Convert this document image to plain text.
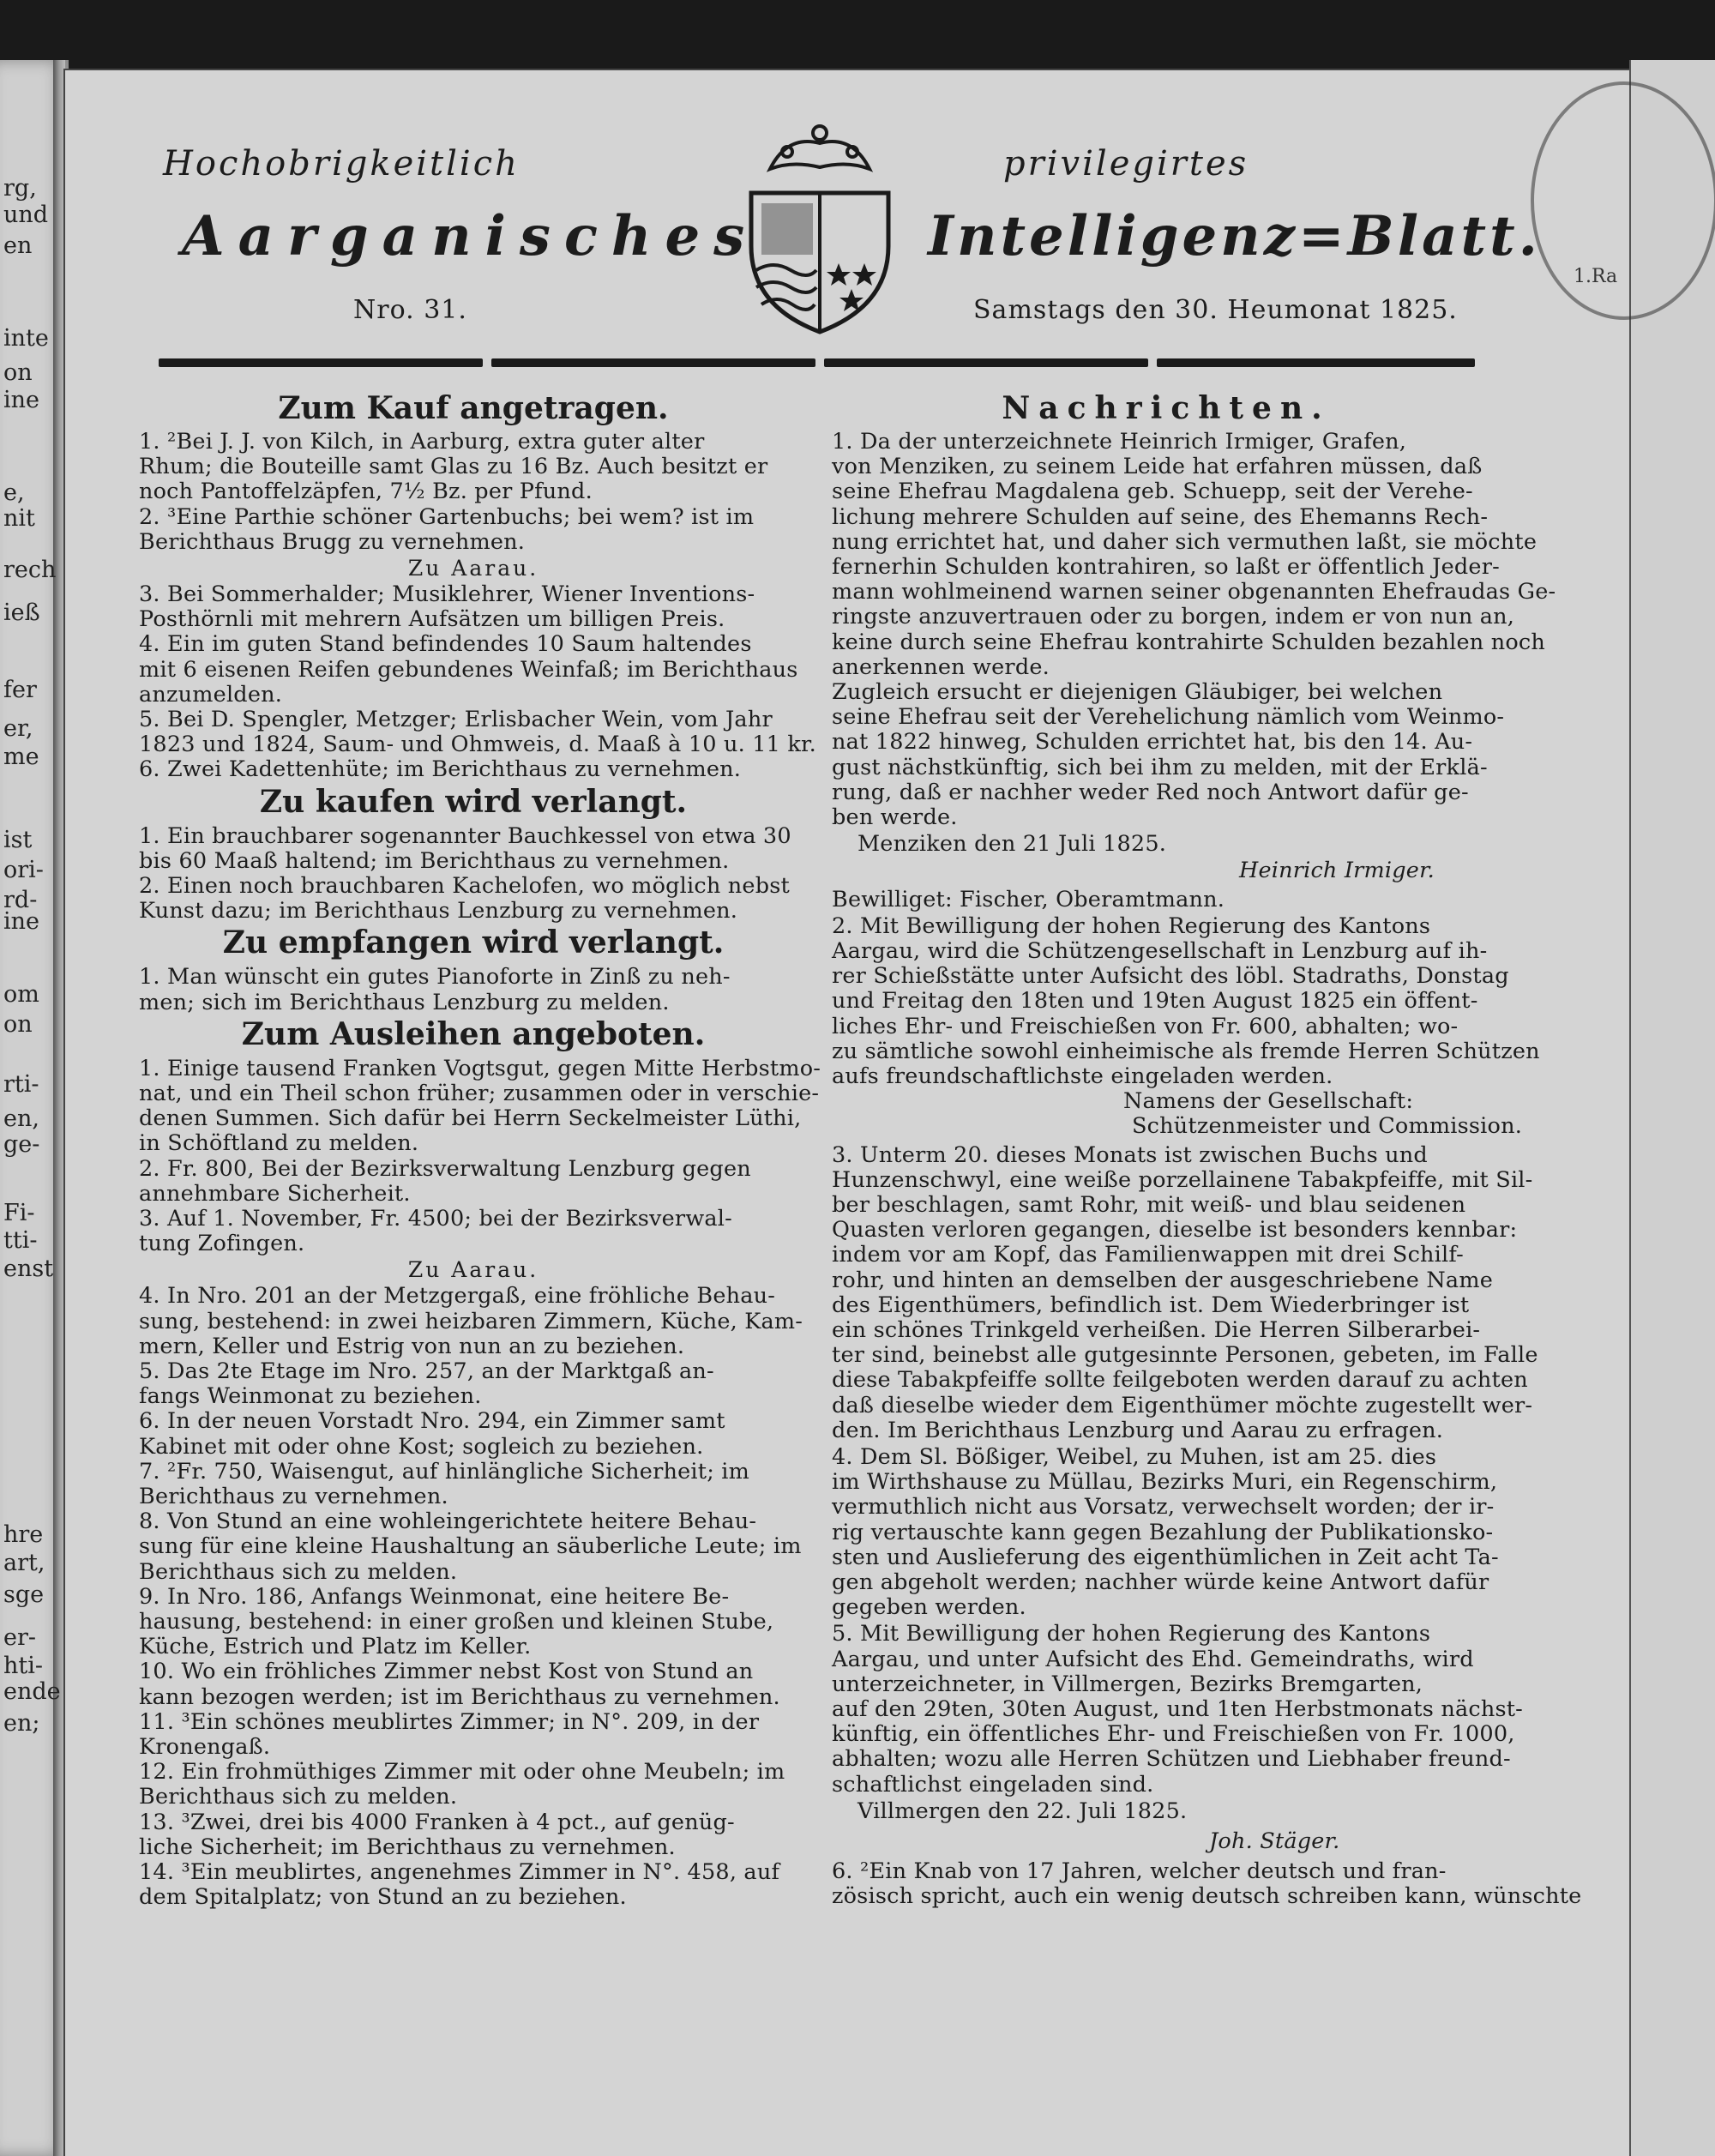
1.Ra
Hochobrigkeitlich	privilegirtes
Aarganisches	Intelligenz=Blatt.
Nro. 31.	Samstags den 30. Heumonat 1825.
Zum Kauf angetragen.
1. ²Bei J. J. von Kilch, in Aarburg, extra guter alter
Rhum; die Bouteille samt Glas zu 16 Bz. Auch besitzt er
noch Pantoffelzäpfen, 7½ Bz. per Pfund.
2. ³Eine Parthie schöner Gartenbuchs; bei wem? ist im
Berichthaus Brugg zu vernehmen.
Zu Aarau.
3. Bei Sommerhalder; Musiklehrer, Wiener Inventions-
Posthörnli mit mehrern Aufsätzen um billigen Preis.
4. Ein im guten Stand befindendes 10 Saum haltendes
mit 6 eisenen Reifen gebundenes Weinfaß; im Berichthaus
anzumelden.
5. Bei D. Spengler, Metzger; Erlisbacher Wein, vom Jahr
1823 und 1824, Saum- und Ohmweis, d. Maaß à 10 u. 11 kr.
6. Zwei Kadettenhüte; im Berichthaus zu vernehmen.
Zu kaufen wird verlangt.
1. Ein brauchbarer sogenannter Bauchkessel von etwa 30
bis 60 Maaß haltend; im Berichthaus zu vernehmen.
2. Einen noch brauchbaren Kachelofen, wo möglich nebst
Kunst dazu; im Berichthaus Lenzburg zu vernehmen.
Zu empfangen wird verlangt.
1. Man wünscht ein gutes Pianoforte in Zinß zu neh-
men; sich im Berichthaus Lenzburg zu melden.
Zum Ausleihen angeboten.
1. Einige tausend Franken Vogtsgut, gegen Mitte Herbstmo-
nat, und ein Theil schon früher; zusammen oder in verschie-
denen Summen. Sich dafür bei Herrn Seckelmeister Lüthi,
in Schöftland zu melden.
2. Fr. 800, Bei der Bezirksverwaltung Lenzburg gegen
annehmbare Sicherheit.
3. Auf 1. November, Fr. 4500; bei der Bezirksverwal-
tung Zofingen.
Zu Aarau.
4. In Nro. 201 an der Metzgergaß, eine fröhliche Behau-
sung, bestehend: in zwei heizbaren Zimmern, Küche, Kam-
mern, Keller und Estrig von nun an zu beziehen.
5. Das 2te Etage im Nro. 257, an der Marktgaß an-
fangs Weinmonat zu beziehen.
6. In der neuen Vorstadt Nro. 294, ein Zimmer samt
Kabinet mit oder ohne Kost; sogleich zu beziehen.
7. ²Fr. 750, Waisengut, auf hinlängliche Sicherheit; im
Berichthaus zu vernehmen.
8. Von Stund an eine wohleingerichtete heitere Behau-
sung für eine kleine Haushaltung an säuberliche Leute; im
Berichthaus sich zu melden.
9. In Nro. 186, Anfangs Weinmonat, eine heitere Be-
hausung, bestehend: in einer großen und kleinen Stube,
Küche, Estrich und Platz im Keller.
10. Wo ein fröhliches Zimmer nebst Kost von Stund an
kann bezogen werden; ist im Berichthaus zu vernehmen.
11. ³Ein schönes meublirtes Zimmer; in N°. 209, in der
Kronengaß.
12. Ein frohmüthiges Zimmer mit oder ohne Meubeln; im
Berichthaus sich zu melden.
13. ³Zwei, drei bis 4000 Franken à 4 pct., auf genüg-
liche Sicherheit; im Berichthaus zu vernehmen.
14. ³Ein meublirtes, angenehmes Zimmer in N°. 458, auf
dem Spitalplatz; von Stund an zu beziehen.
Nachrichten.
1. Da der unterzeichnete Heinrich Irmiger, Grafen,
von Menziken, zu seinem Leide hat erfahren müssen, daß
seine Ehefrau Magdalena geb. Schuepp, seit der Verehe-
lichung mehrere Schulden auf seine, des Ehemanns Rech-
nung errichtet hat, und daher sich vermuthen laßt, sie möchte
fernerhin Schulden kontrahiren, so laßt er öffentlich Jeder-
mann wohlmeinend warnen seiner obgenannten Ehefraudas Ge-
ringste anzuvertrauen oder zu borgen, indem er von nun an,
keine durch seine Ehefrau kontrahirte Schulden bezahlen noch
anerkennen werde.
Zugleich ersucht er diejenigen Gläubiger, bei welchen
seine Ehefrau seit der Verehelichung nämlich vom Weinmo-
nat 1822 hinweg, Schulden errichtet hat, bis den 14. Au-
gust nächstkünftig, sich bei ihm zu melden, mit der Erklä-
rung, daß er nachher weder Red noch Antwort dafür ge-
ben werde.
Menziken den 21 Juli 1825.
Heinrich Irmiger.
Bewilliget: Fischer, Oberamtmann.
2. Mit Bewilligung der hohen Regierung des Kantons
Aargau, wird die Schützengesellschaft in Lenzburg auf ih-
rer Schießstätte unter Aufsicht des löbl. Stadraths, Donstag
und Freitag den 18ten und 19ten August 1825 ein öffent-
liches Ehr- und Freischießen von Fr. 600, abhalten; wo-
zu sämtliche sowohl einheimische als fremde Herren Schützen
aufs freundschaftlichste eingeladen werden.
Namens der Gesellschaft:
Schützenmeister und Commission.
3. Unterm 20. dieses Monats ist zwischen Buchs und
Hunzenschwyl, eine weiße porzellainene Tabakpfeiffe, mit Sil-
ber beschlagen, samt Rohr, mit weiß- und blau seidenen
Quasten verloren gegangen, dieselbe ist besonders kennbar:
indem vor am Kopf, das Familienwappen mit drei Schilf-
rohr, und hinten an demselben der ausgeschriebene Name
des Eigenthümers, befindlich ist. Dem Wiederbringer ist
ein schönes Trinkgeld verheißen. Die Herren Silberarbei-
ter sind, beinebst alle gutgesinnte Personen, gebeten, im Falle
diese Tabakpfeiffe sollte feilgeboten werden darauf zu achten
daß dieselbe wieder dem Eigenthümer möchte zugestellt wer-
den. Im Berichthaus Lenzburg und Aarau zu erfragen.
4. Dem Sl. Bößiger, Weibel, zu Muhen, ist am 25. dies
im Wirthshause zu Müllau, Bezirks Muri, ein Regenschirm,
vermuthlich nicht aus Vorsatz, verwechselt worden; der ir-
rig vertauschte kann gegen Bezahlung der Publikationsko-
sten und Auslieferung des eigenthümlichen in Zeit acht Ta-
gen abgeholt werden; nachher würde keine Antwort dafür
gegeben werden.
5. Mit Bewilligung der hohen Regierung des Kantons
Aargau, und unter Aufsicht des Ehd. Gemeindraths, wird
unterzeichneter, in Villmergen, Bezirks Bremgarten,
auf den 29ten, 30ten August, und 1ten Herbstmonats nächst-
künftig, ein öffentliches Ehr- und Freischießen von Fr. 1000,
abhalten; wozu alle Herren Schützen und Liebhaber freund-
schaftlichst eingeladen sind.
Villmergen den 22. Juli 1825.
Joh. Stäger.
6. ²Ein Knab von 17 Jahren, welcher deutsch und fran-
zösisch spricht, auch ein wenig deutsch schreiben kann, wünschte
rg,
und
en
inte
on
ine
e,
nit
rech
ieß
fer
er,
me
ist
ori-
rd-
ine
om
on
rti-
en,
ge-
Fi-
tti-
enst
hre
art,
sge
er-
hti-
ende
en;
